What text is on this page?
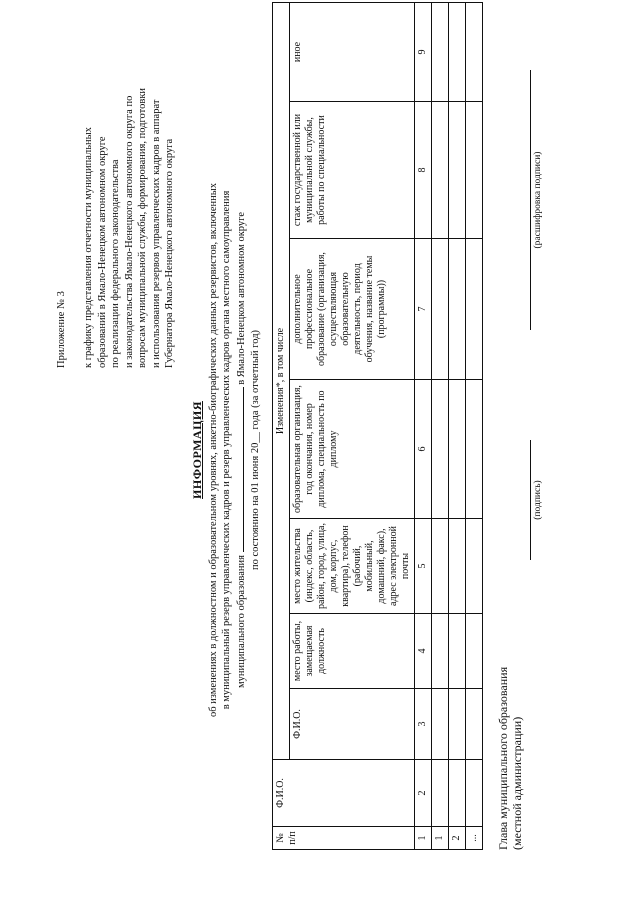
Приложение № 3 к графику представления отчетности муниципальных образований в Ямало-Ненецком автономном округе по реализации федерального законодательства и законодательства Ямало-Ненецкого автономного округа по вопросам муниципальной службы, формирования, подготовки и использования резервов управленческих кадров в аппарат Губернатора Ямало-Ненецкого автономного округа
ИНФОРМАЦИЯ об изменениях в должностном и образовательном уровнях, анкетно-биографических данных резервистов, включенных в муниципальный резерв управленческих кадров и резерв управленческих кадров органа местного самоуправления муниципального образования  в Ямало-Ненецком автономном округе
по состоянию на 01 июня 20__ года (за отчетный год)
№ п/п	Ф.И.О.	Изменения*, в том числе						
		Ф.И.О.	место работы, замещаемая должность	место жительства (индекс, область, район, город, улица, дом, корпус, квартира), телефон (рабочий, мобильный, домашний, факс), адрес электронной почты	образовательная организация, год окончания, номер диплома, специальность по диплому	дополнительное профессиональное образование (организация, осуществляющая образовательную деятельность, период обучения, название темы (программы))	стаж государственной или муниципальной службы, работы по специальности	иное
1	2	3	4	5	6	7	8	9
1								
2								
...								Глава муниципального образования (местной администрации)
(подпись)
(расшифровка подписи)
